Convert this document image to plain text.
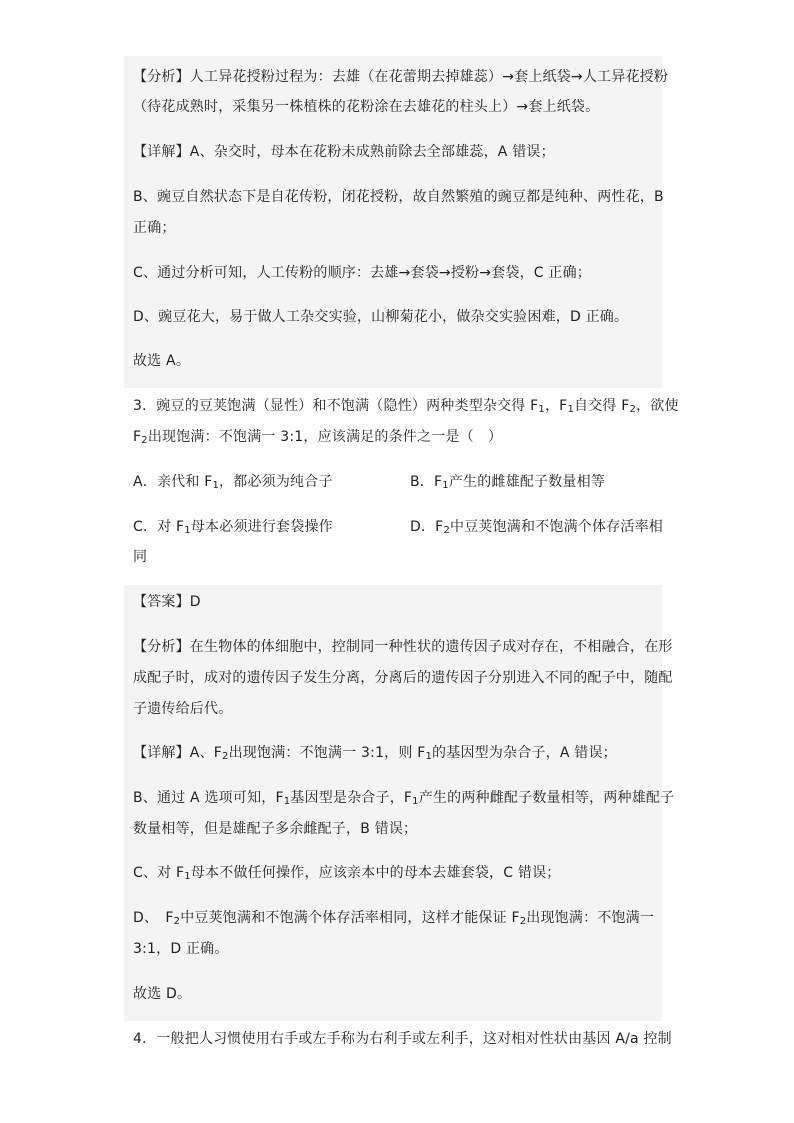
【分析】人工异花授粉过程为：去雄（在花蕾期去掉雄蕊）→套上纸袋→人工异花授粉
（待花成熟时，采集另一株植株的花粉涂在去雄花的柱头上）→套上纸袋。
【详解】A、杂交时，母本在花粉未成熟前除去全部雄蕊，A 错误；
B、豌豆自然状态下是自花传粉，闭花授粉，故自然繁殖的豌豆都是纯种、两性花，B
正确；
C、通过分析可知，人工传粉的顺序：去雄→套袋→授粉→套袋，C 正确；
D、豌豆花大，易于做人工杂交实验，山柳菊花小，做杂交实验困难，D 正确。
故选 A。
3．豌豆的豆荚饱满（显性）和不饱满（隐性）两种类型杂交得 $F_1$，$F_1$自交得 $F_2$，欲使
$F_2$出现饱满：不饱满一 3:1，应该满足的条件之一是（　）
A．亲代和 $F_1$，都必须为纯合子	B．$F_1$产生的雌雄配子数量相等
C．对 $F_1$母本必须进行套袋操作	D．$F_2$中豆荚饱满和不饱满个体存活率相
同
【答案】D
【分析】在生物体的体细胞中，控制同一种性状的遗传因子成对存在，不相融合，在形
成配子时，成对的遗传因子发生分离，分离后的遗传因子分别进入不同的配子中，随配
子遗传给后代。
【详解】A、$F_2$出现饱满：不饱满一 3:1，则 $F_1$的基因型为杂合子，A 错误；
B、通过 A 选项可知，$F_1$基因型是杂合子，$F_1$产生的两种雌配子数量相等，两种雄配子
数量相等，但是雄配子多余雌配子，B 错误；
C、对 $F_1$母本不做任何操作，应该亲本中的母本去雄套袋，C 错误；
D、　$F_2$中豆荚饱满和不饱满个体存活率相同，这样才能保证 $F_2$出现饱满：不饱满一
3:1，D 正确。
故选 D。
4．一般把人习惯使用右手或左手称为右利手或左利手，这对相对性状由基因 A/a 控制
